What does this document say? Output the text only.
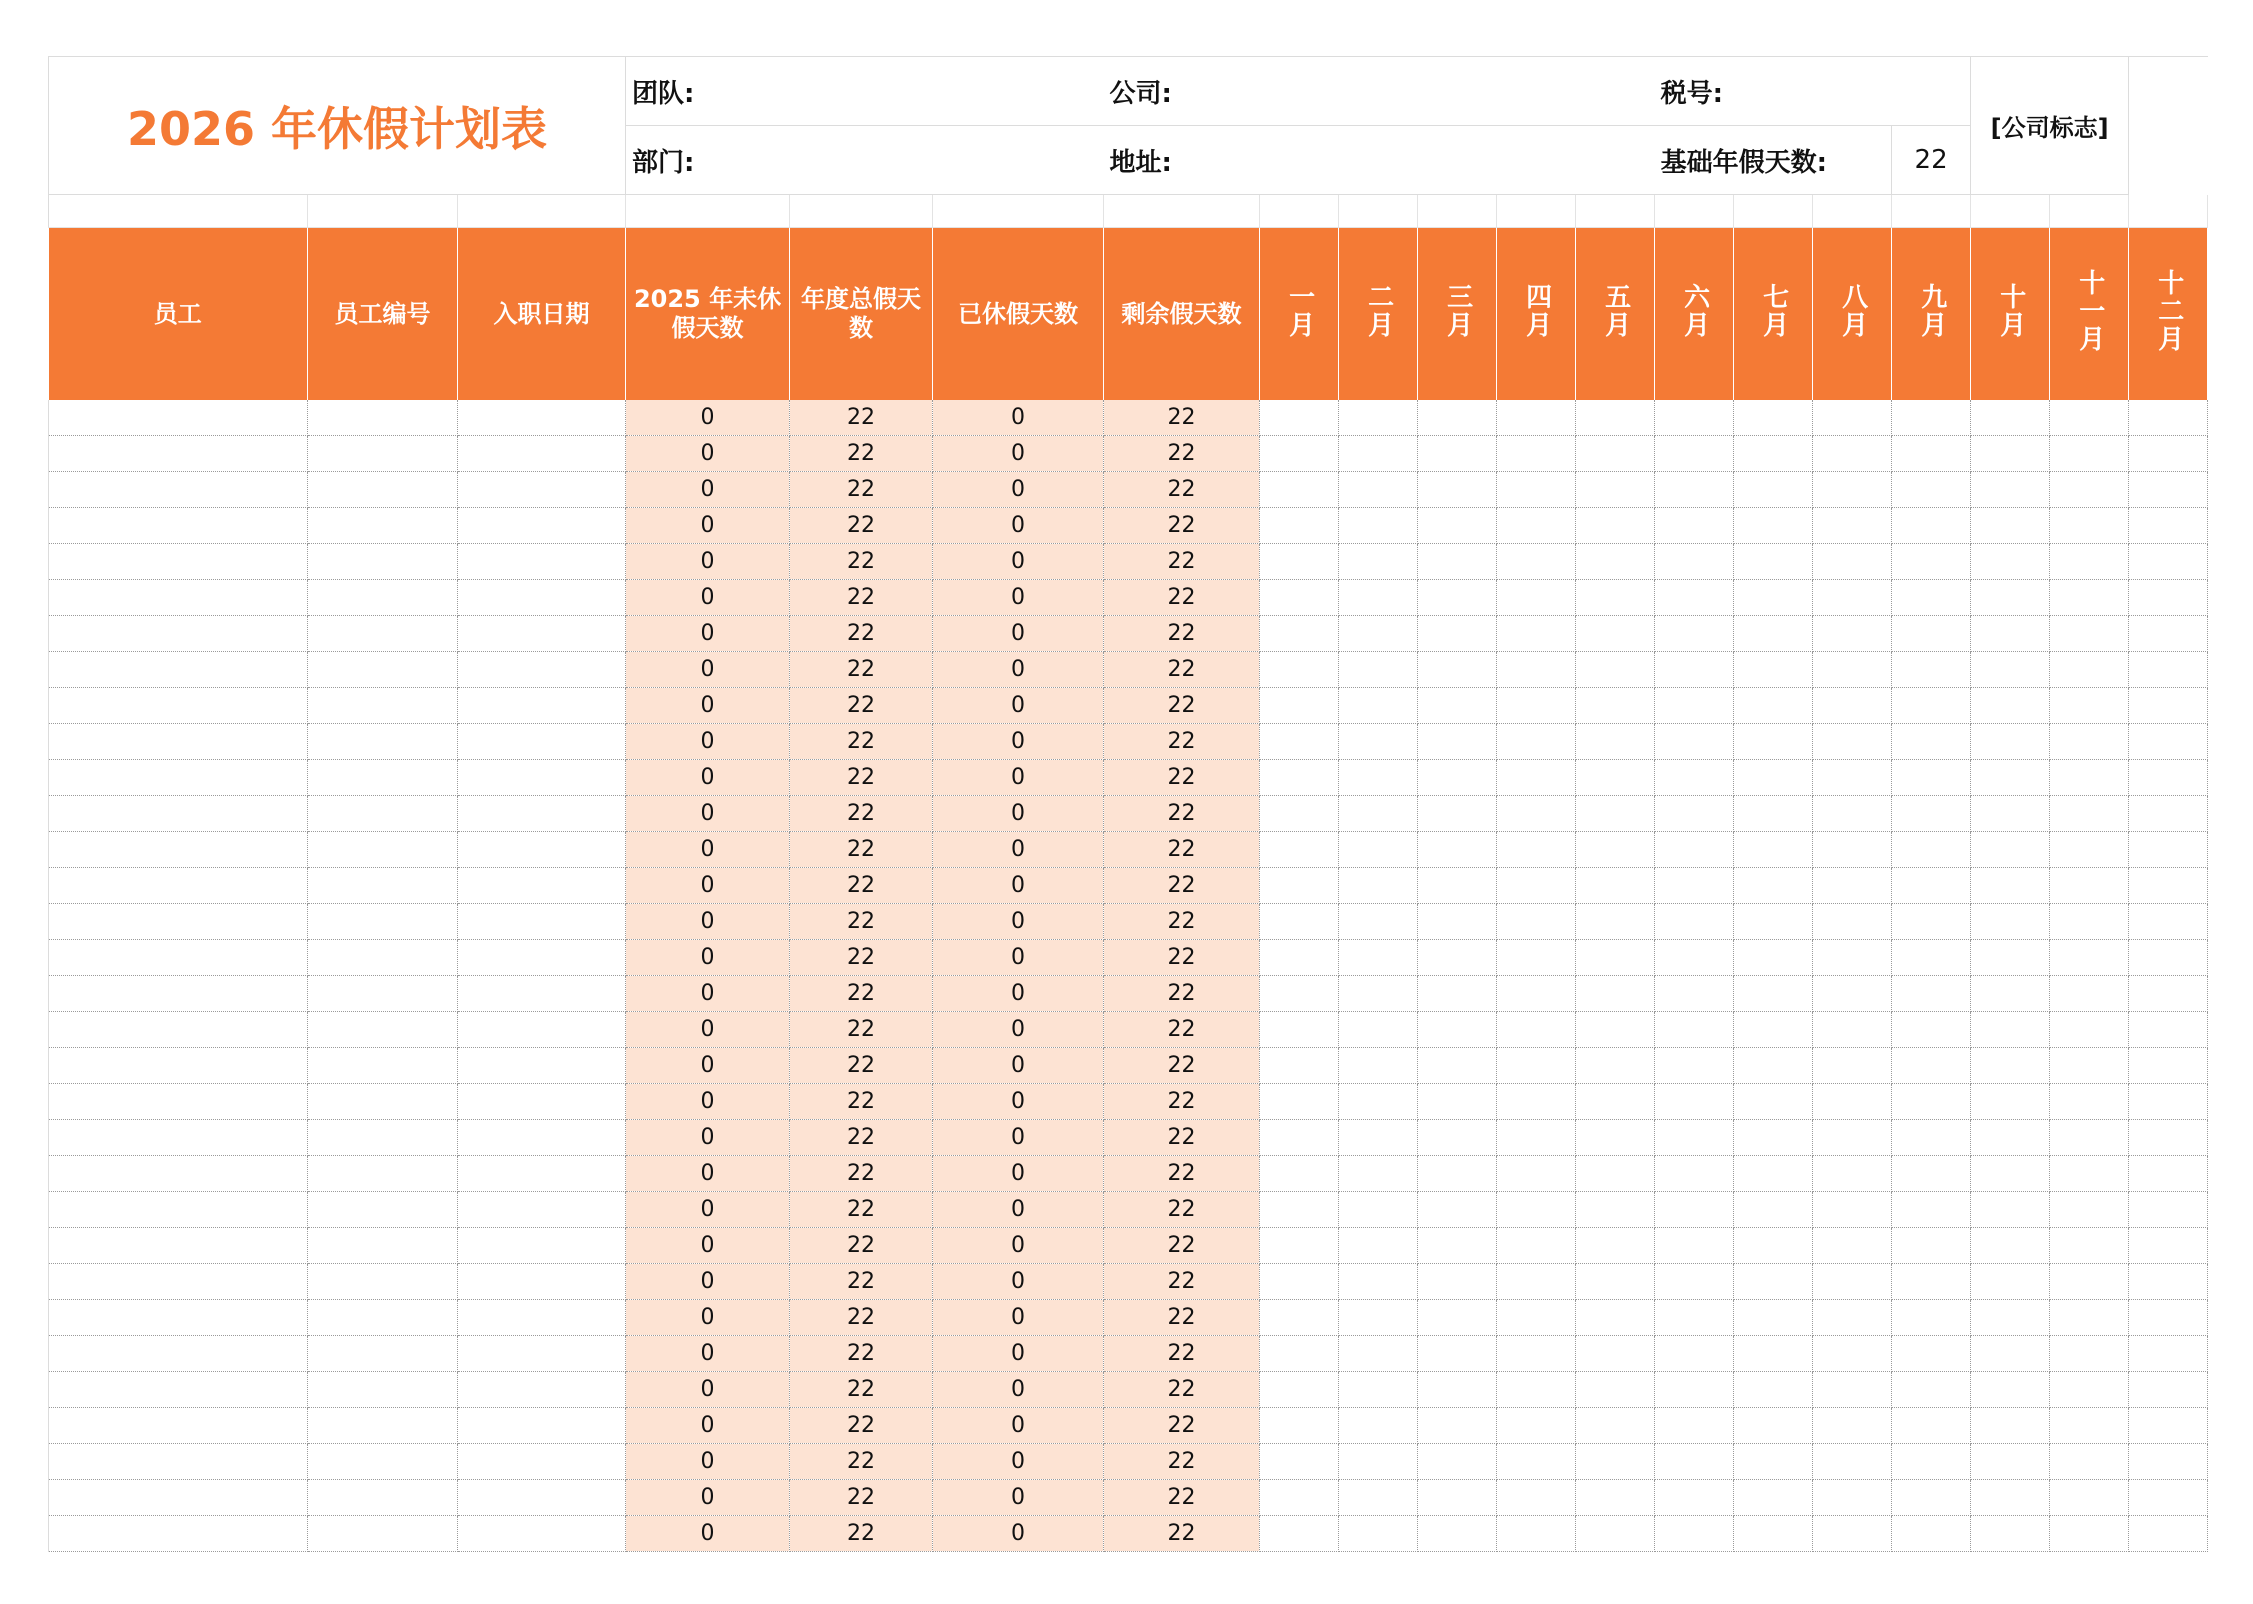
2026 年休假计划表			团队:			公司:						税号:				[公司标志]		
			部门:			地址:						基础年假天数:			22			

员工	员工编号	入职日期	2025 年未休假天数	年度总假天数	已休假天数	剩余假天数	一月	二月	三月	四月	五月	六月	七月	八月	九月	十月	十一月	十二月
			0	22	0	22												
			0	22	0	22												
			0	22	0	22												
			0	22	0	22												
			0	22	0	22												
			0	22	0	22												
			0	22	0	22												
			0	22	0	22												
			0	22	0	22												
			0	22	0	22												
			0	22	0	22												
			0	22	0	22												
			0	22	0	22												
			0	22	0	22												
			0	22	0	22												
			0	22	0	22												
			0	22	0	22												
			0	22	0	22												
			0	22	0	22												
			0	22	0	22												
			0	22	0	22												
			0	22	0	22												
			0	22	0	22												
			0	22	0	22												
			0	22	0	22												
			0	22	0	22												
			0	22	0	22												
			0	22	0	22												
			0	22	0	22												
			0	22	0	22												
			0	22	0	22												
			0	22	0	22												
